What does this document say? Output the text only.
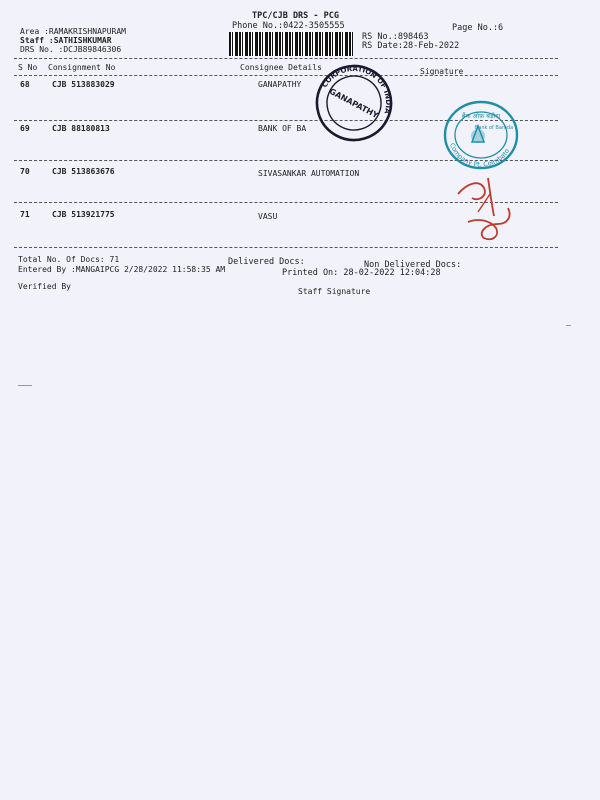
TPC/CJB DRS - PCG
Phone No.:0422-3505555	Page No.:6
Area :RAMAKRISHNAPURAM
Staff :SATHISHKUMAR
DRS No. :DCJB89846306
RS No.:898463
RS Date:28-Feb-2022
S No Consignment No	Consignee Details	Signature
68	CJB 513883029	GANAPATHY
69	CJB 88180813	BANK OF BA
70	CJB 513863676	SIVASANKAR AUTOMATION
71	CJB 513921775	VASU
Total No. Of Docs: 71	Delivered Docs:	Non Delivered Docs:
Entered By :MANGAIPCG 2/28/2022 11:58:35 AM	Printed On: 28-02-2022 12:04:28
Verified By
Staff Signature
CORPORATION OF INDIA
GANAPATHY
Company Pt. Coimbato
बैंक ऑफ़ बड़ौदा
Bank of Baroda
